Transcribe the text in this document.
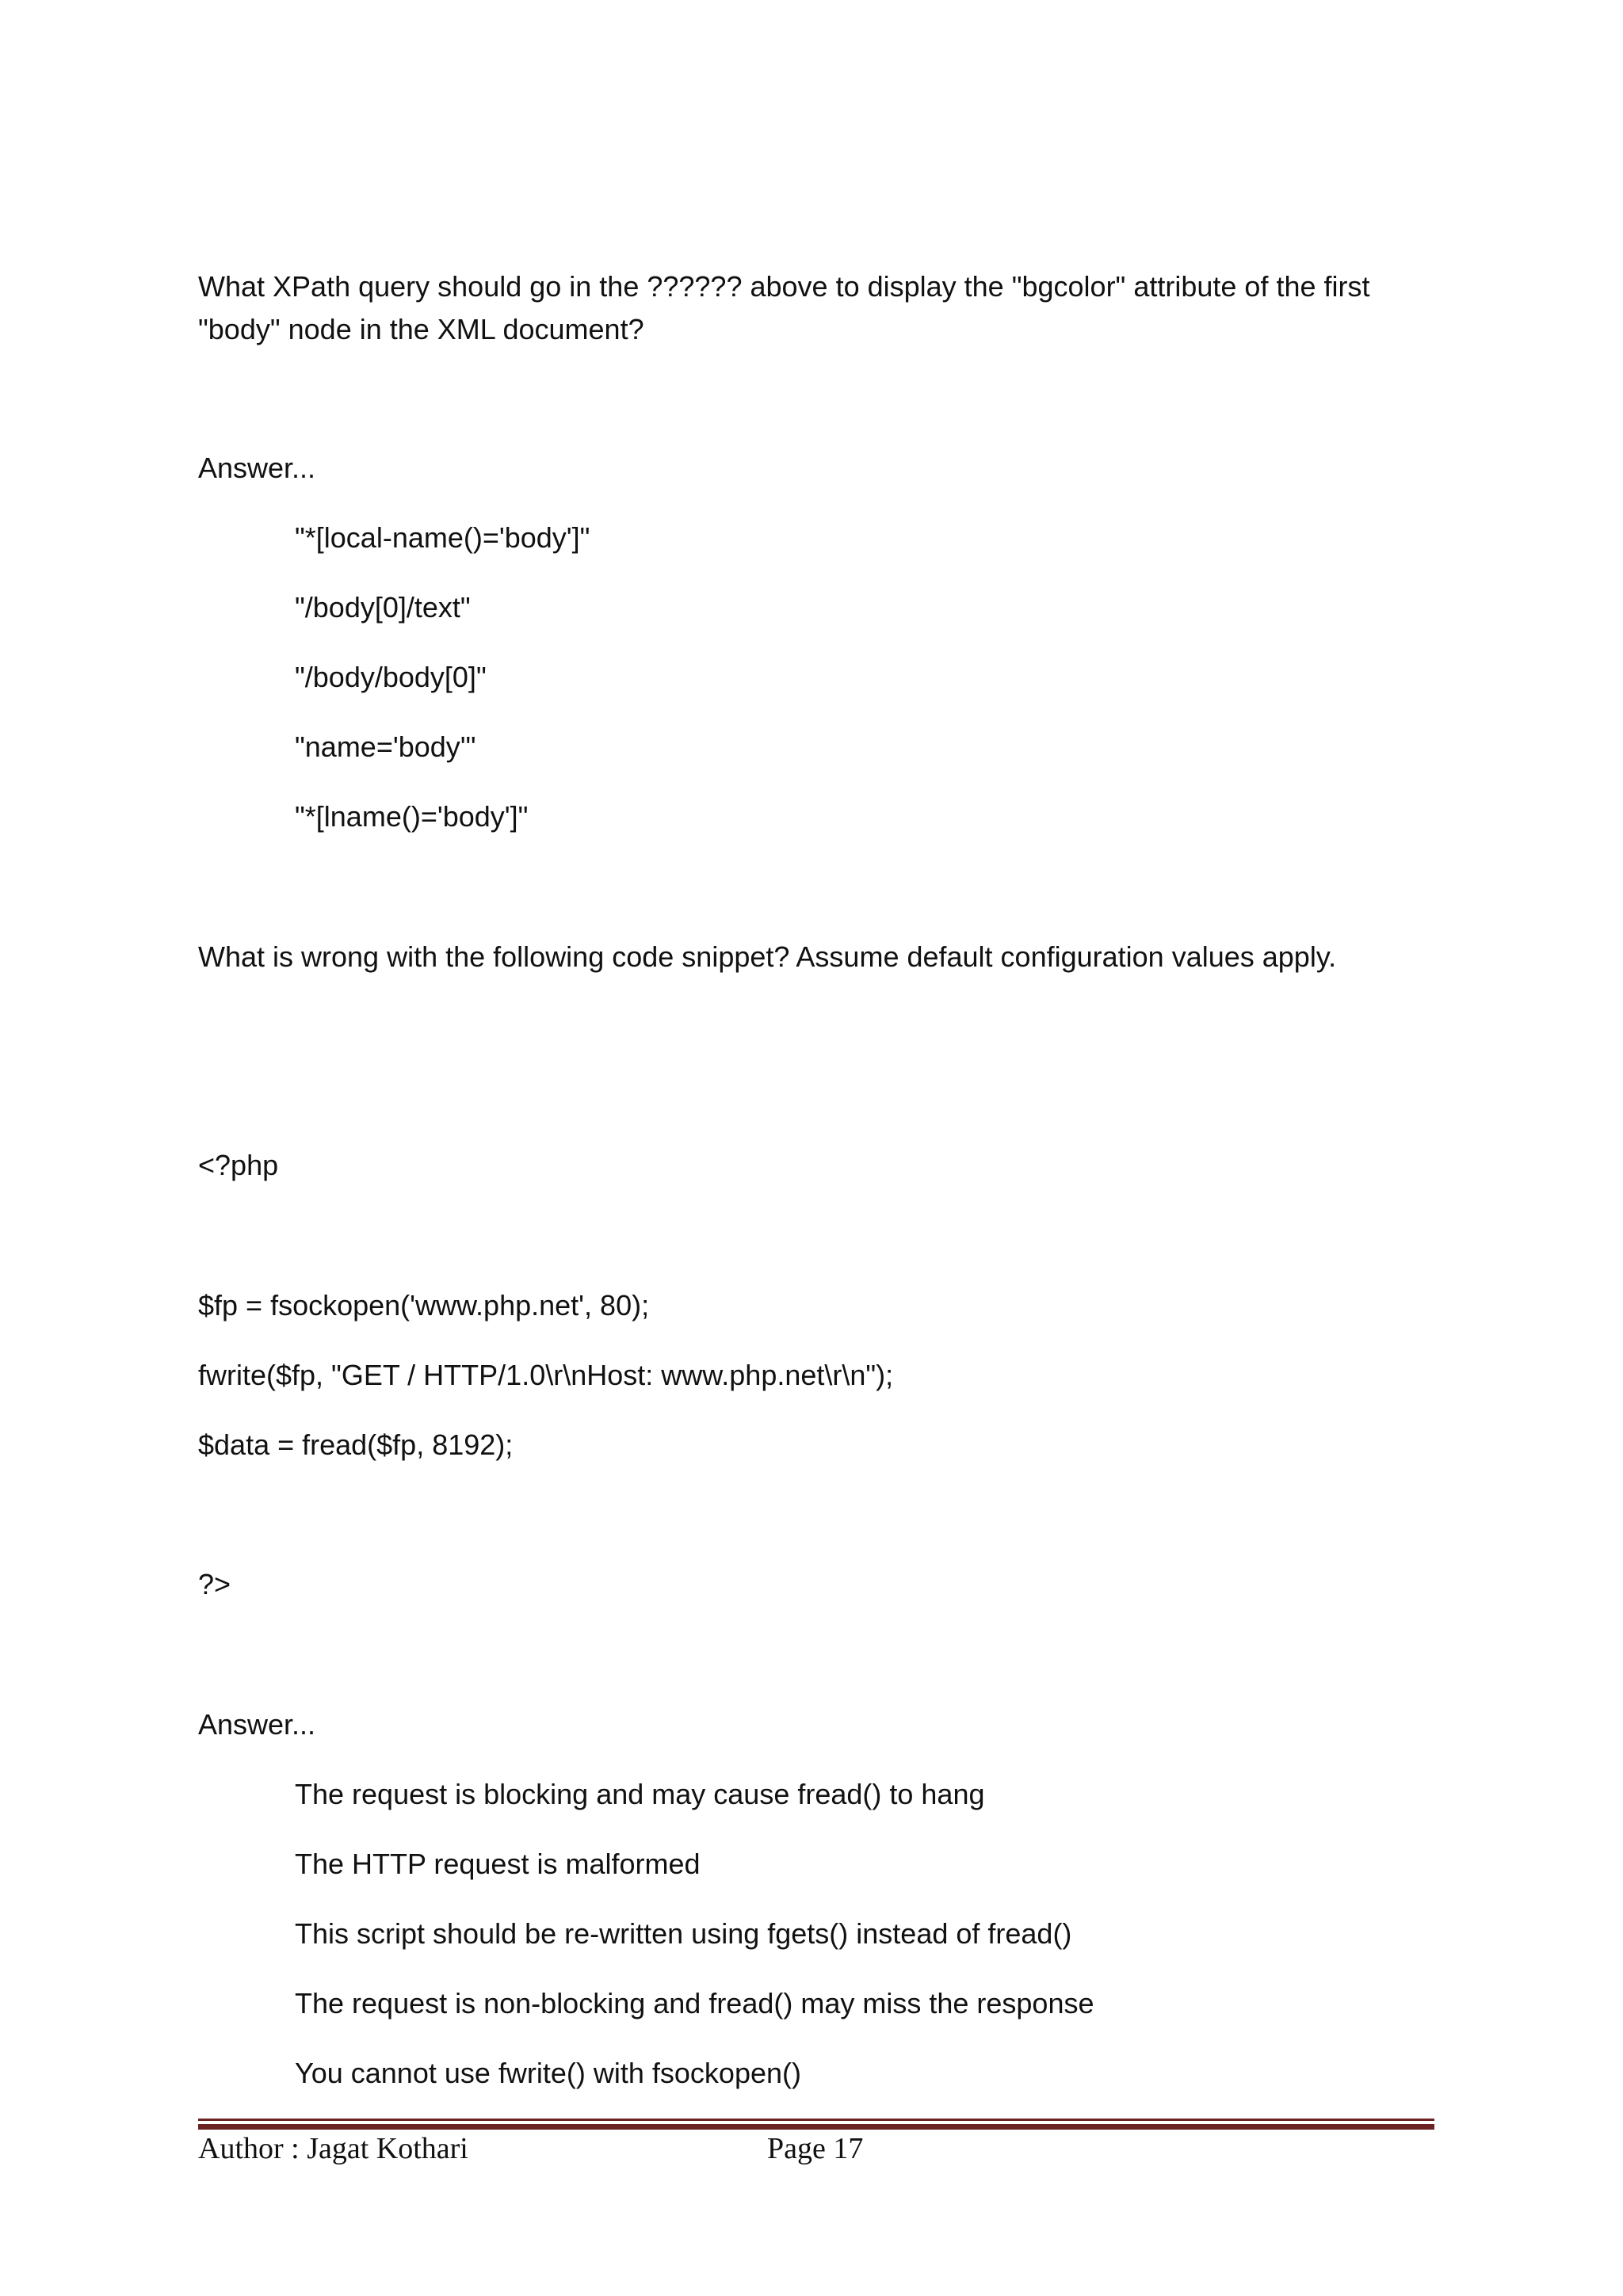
What XPath query should go in the ?????? above to display the "bgcolor" attribute of the first "body" node in the XML document?
Answer...
"*[local-name()='body']"
"/body[0]/text"
"/body/body[0]"
"name='body'"
"*[lname()='body']"
What is wrong with the following code snippet? Assume default configuration values apply.
<?php
$fp = fsockopen('www.php.net', 80);
fwrite($fp, "GET / HTTP/1.0\r\nHost: www.php.net\r\n");
$data = fread($fp, 8192);
?>
Answer...
The request is blocking and may cause fread() to hang
The HTTP request is malformed
This script should be re-written using fgets() instead of fread()
The request is non-blocking and fread() may miss the response
You cannot use fwrite() with fsockopen()
Author : Jagat Kothari	Page 17
